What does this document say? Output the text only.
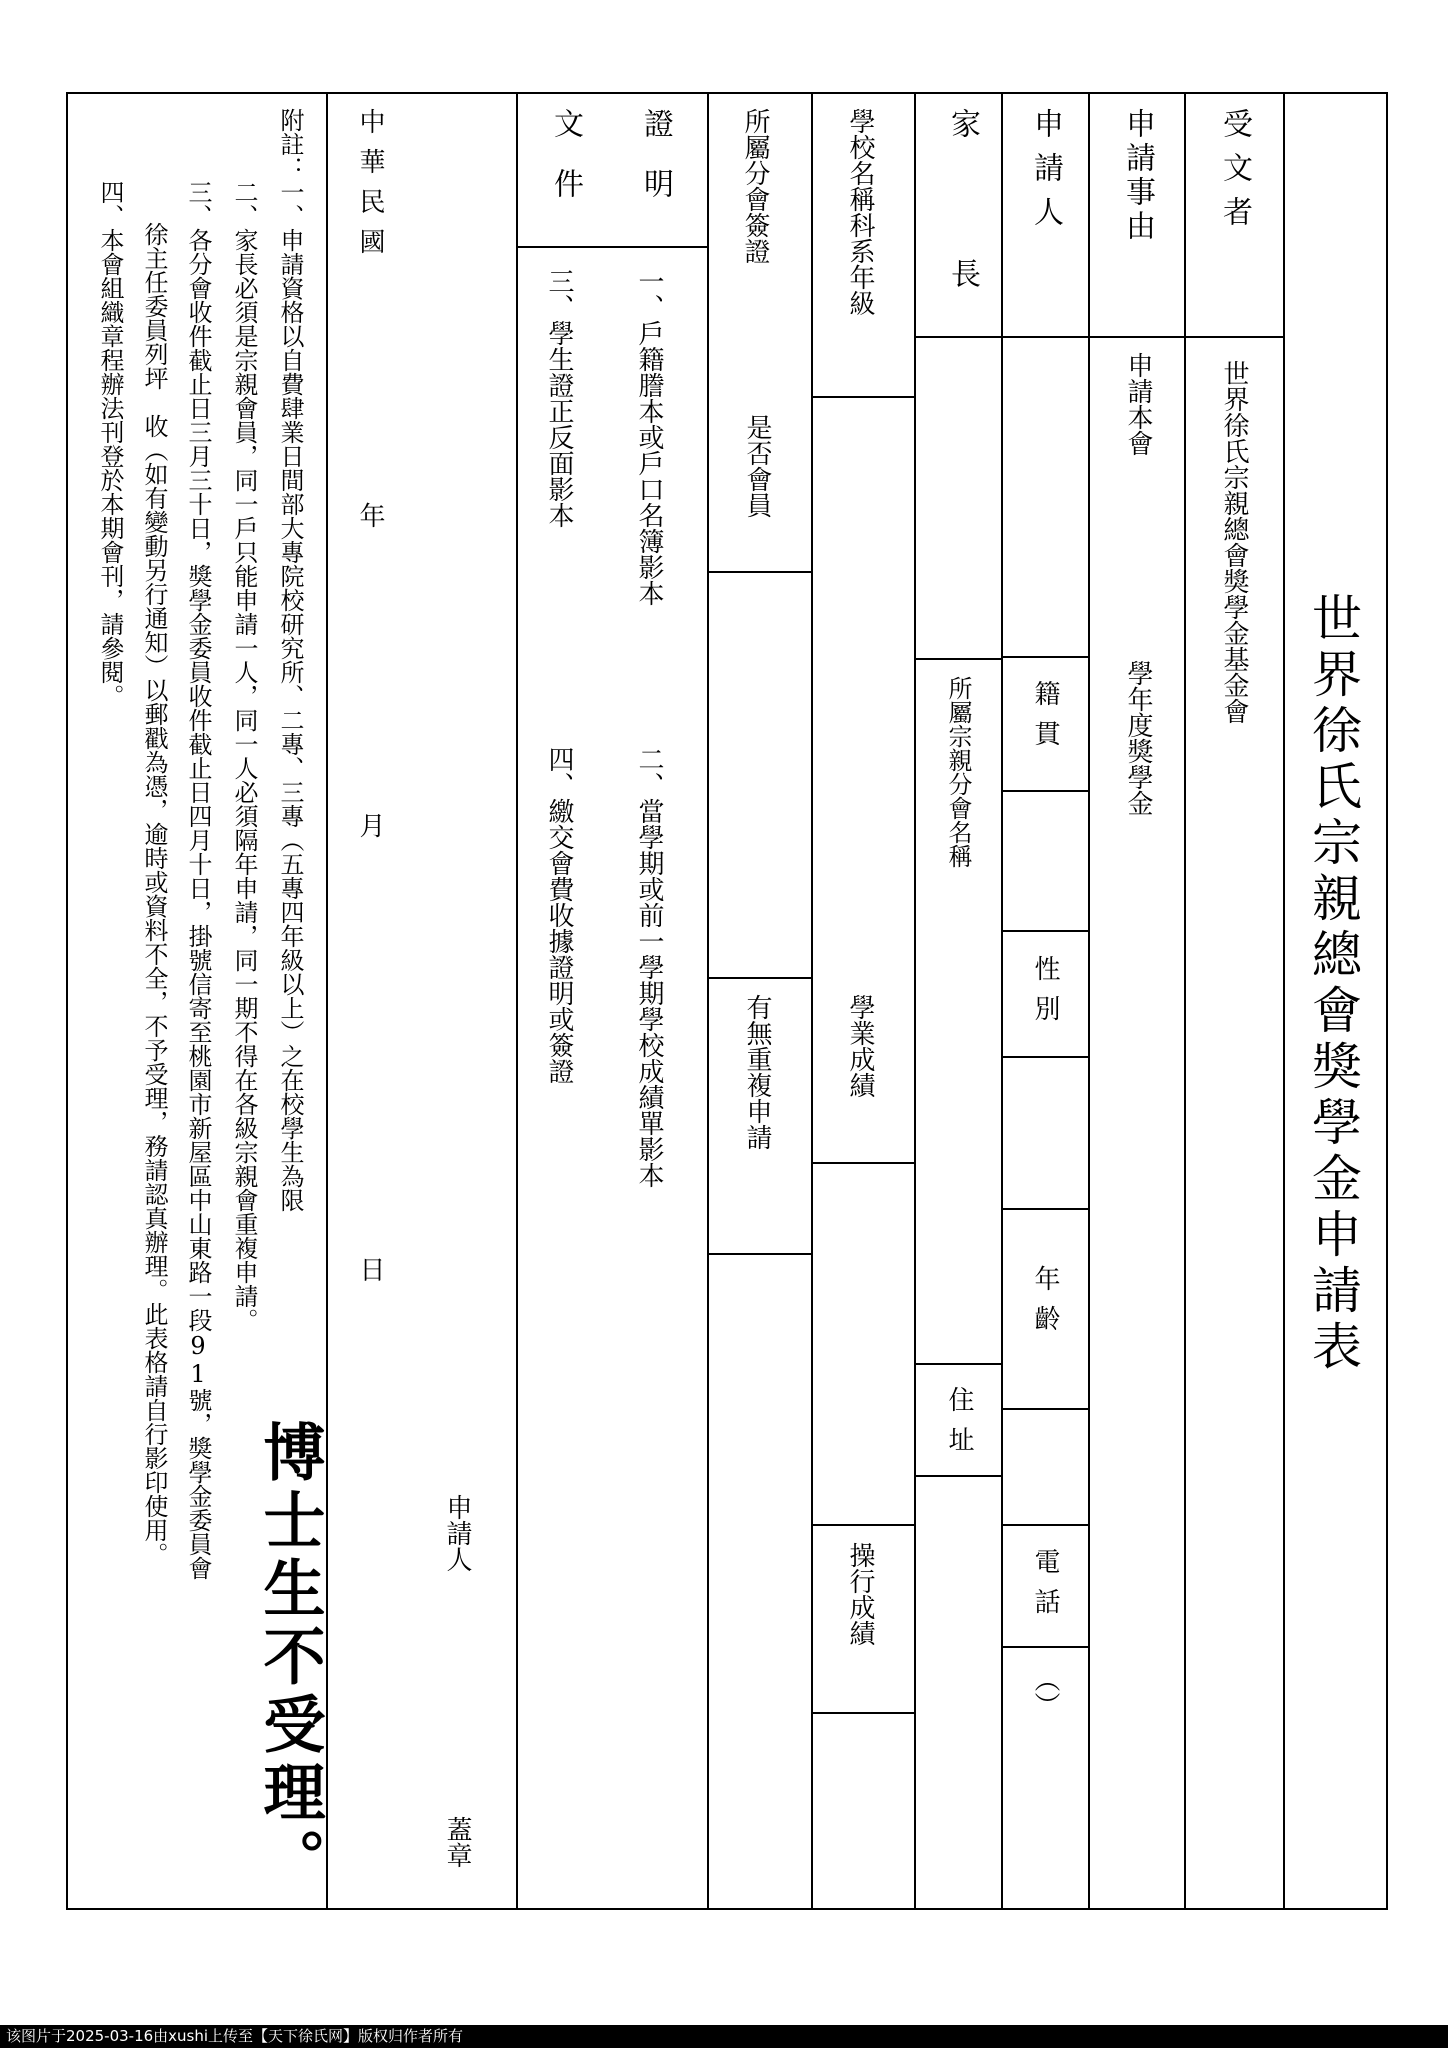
世界徐氏宗親總會獎學金申請表
受文者
世界徐氏宗親總會獎學金基金會
申請事由
申請本會
學年度獎學金
申請人
籍貫
性別
年齡
電話
（）
家長
所屬宗親分會名稱
住址
學校名稱科系年級
學業成績
操行成績
所屬分會簽證
是否會員
有無重複申請
證明
文件
一、戶籍謄本或戶口名簿影本
二、當學期或前一學期學校成績單影本
三、學生證正反面影本
四、繳交會費收據證明或簽證
中華民國
年
月
日
申請人
蓋章
附註：一、申請資格以自費肆業日間部大專院校研究所、二專、三專（五專四年級以上）之在校學生為限
二、家長必須是宗親會員，同一戶只能申請一人，同一人必須隔年申請，同一期不得在各級宗親會重複申請。
三、各分會收件截止日三月三十日，獎學金委員收件截止日四月十日，掛號信寄至桃園市新屋區中山東路一段91號，獎學金委員會
徐主任委員列坪　收（如有變動另行通知）以郵戳為憑，逾時或資料不全，不予受理，務請認真辦理。此表格請自行影印使用。
四、本會組織章程辦法刊登於本期會刊，請參閱。
博士生不受理。
该图片于2025-03-16由xushi上传至【天下徐氏网】版权归作者所有
